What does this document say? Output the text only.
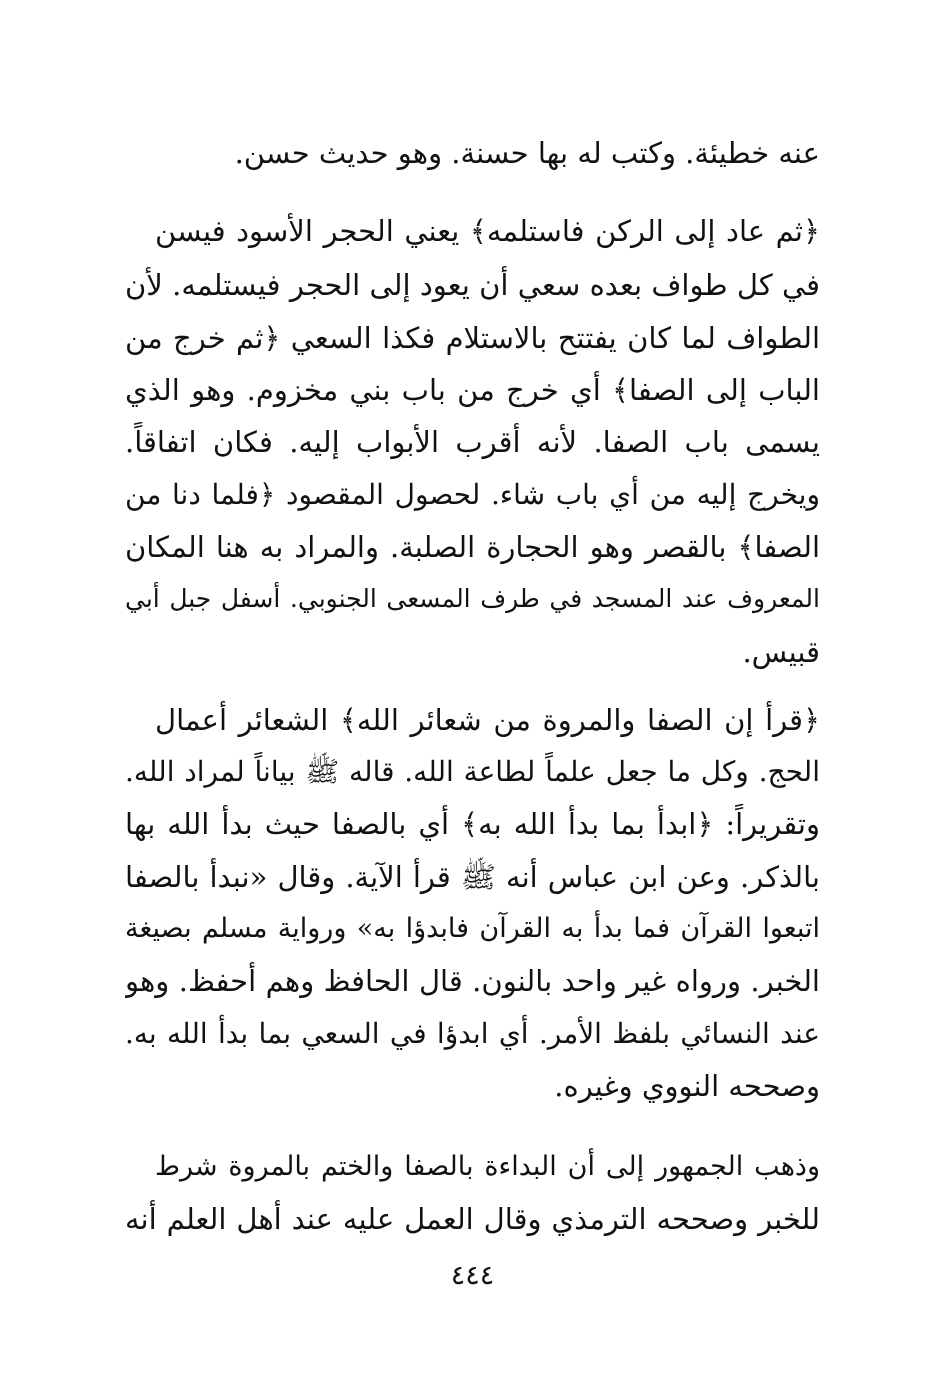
عنه خطيئة. وكتب له بها حسنة. وهو حديث حسن.
﴿ثم عاد إلى الركن فاستلمه﴾ يعني الحجر الأسود فيسن
في كل طواف بعده سعي أن يعود إلى الحجر فيستلمه. لأن
الطواف لما كان يفتتح بالاستلام فكذا السعي ﴿ثم خرج من
الباب إلى الصفا﴾ أي خرج من باب بني مخزوم. وهو الذي
يسمى باب الصفا. لأنه أقرب الأبواب إليه. فكان اتفاقاً.
ويخرج إليه من أي باب شاء. لحصول المقصود ﴿فلما دنا من
الصفا﴾ بالقصر وهو الحجارة الصلبة. والمراد به هنا المكان
المعروف عند المسجد في طرف المسعى الجنوبي. أسفل جبل أبي
قبيس.
﴿قرأ إن الصفا والمروة من شعائر الله﴾ الشعائر أعمال
الحج. وكل ما جعل علماً لطاعة الله. قاله ﷺ بياناً لمراد الله.
وتقريراً: ﴿ابدأ بما بدأ الله به﴾ أي بالصفا حيث بدأ الله بها
بالذكر. وعن ابن عباس أنه ﷺ قرأ الآية. وقال «نبدأ بالصفا
اتبعوا القرآن فما بدأ به القرآن فابدؤا به» ورواية مسلم بصيغة
الخبر. ورواه غير واحد بالنون. قال الحافظ وهم أحفظ. وهو
عند النسائي بلفظ الأمر. أي ابدؤا في السعي بما بدأ الله به.
وصححه النووي وغيره.
وذهب الجمهور إلى أن البداءة بالصفا والختم بالمروة شرط
للخبر وصححه الترمذي وقال العمل عليه عند أهل العلم أنه
٤٤٤
